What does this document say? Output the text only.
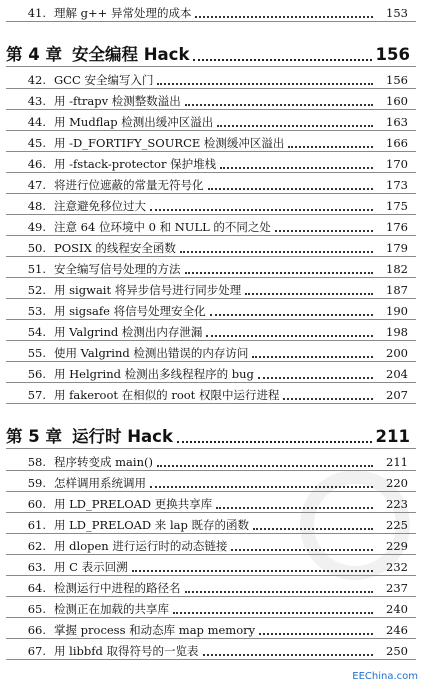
41. 理解 g++ 异常处理的成本	153
第 4 章 安全编程 Hack	156
42. GCC 安全编写入门	156
43. 用 -ftrapv 检测整数溢出	160
44. 用 Mudflap 检测出缓冲区溢出	163
45. 用 -D_FORTIFY_SOURCE 检测缓冲区溢出	166
46. 用 -fstack-protector 保护堆栈	170
47. 将进行位遮蔽的常量无符号化	173
48. 注意避免移位过大	175
49. 注意 64 位环境中 0 和 NULL 的不同之处	176
50. POSIX 的线程安全函数	179
51. 安全编写信号处理的方法	182
52. 用 sigwait 将异步信号进行同步处理	187
53. 用 sigsafe 将信号处理安全化	190
54. 用 Valgrind 检测出内存泄漏	198
55. 使用 Valgrind 检测出错误的内存访问	200
56. 用 Helgrind 检测出多线程程序的 bug	204
57. 用 fakeroot 在相似的 root 权限中运行进程	207
第 5 章 运行时 Hack	211
58. 程序转变成 main()	211
59. 怎样调用系统调用	220
60. 用 LD_PRELOAD 更换共享库	223
61. 用 LD_PRELOAD 来 lap 既存的函数	225
62. 用 dlopen 进行运行时的动态链接	229
63. 用 C 表示回溯	232
64. 检测运行中进程的路径名	237
65. 检测正在加载的共享库	240
66. 掌握 process 和动态库 map memory	246
67. 用 libbfd 取得符号的一览表	250
EEChina.com
